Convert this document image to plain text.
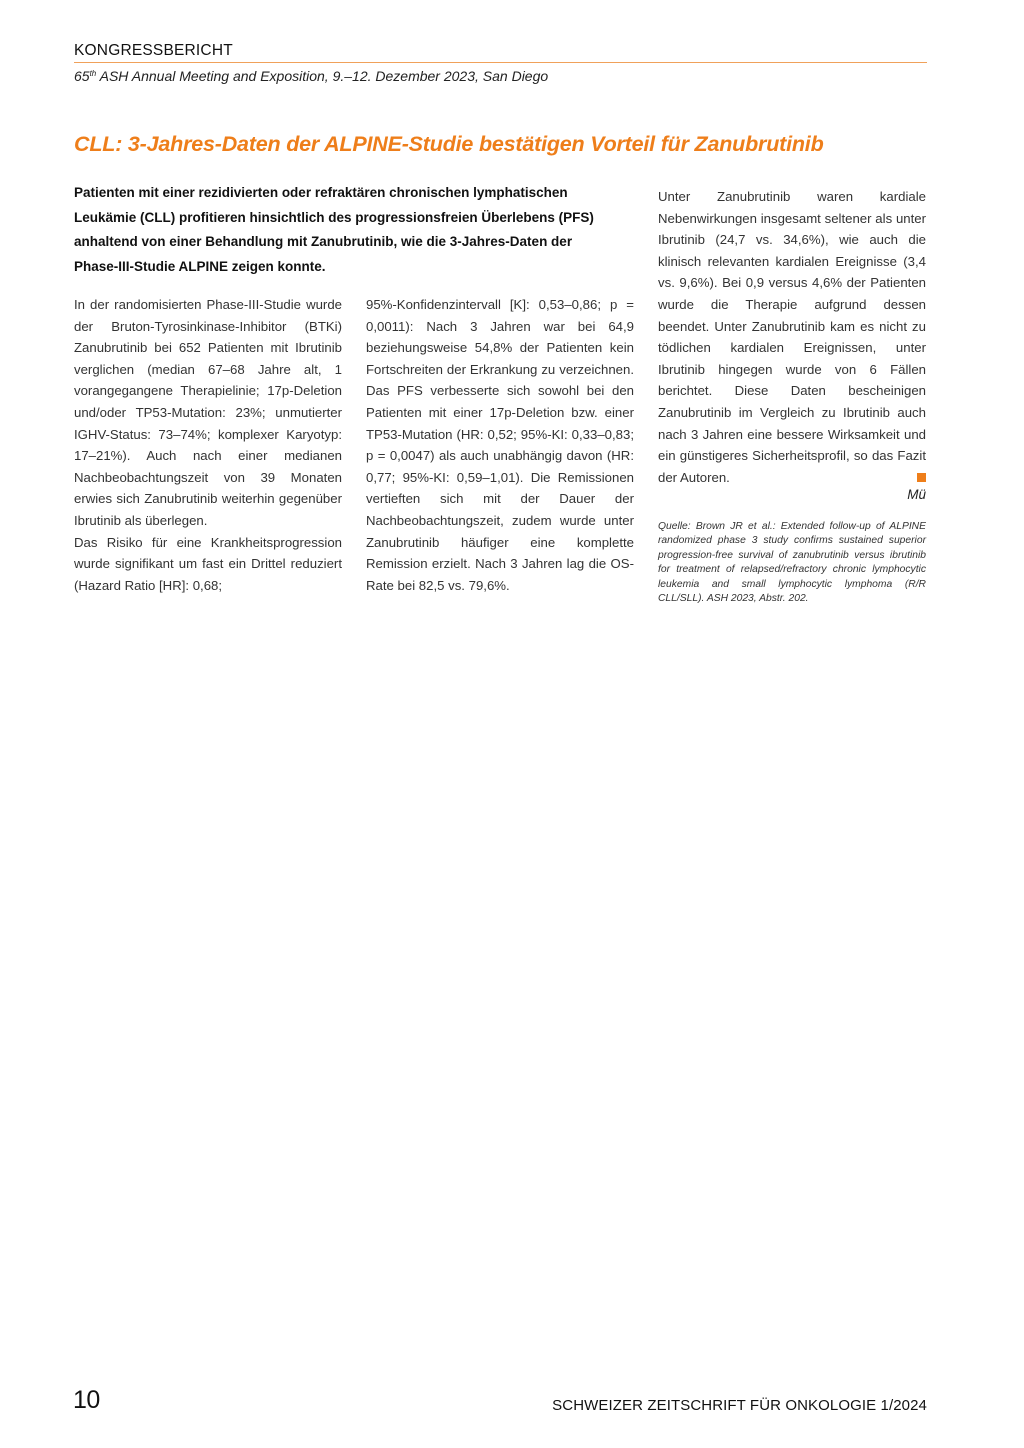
KONGRESSBERICHT
65th ASH Annual Meeting and Exposition, 9.–12. Dezember 2023, San Diego
CLL: 3-Jahres-Daten der ALPINE-Studie bestätigen Vorteil für Zanubrutinib
Patienten mit einer rezidivierten oder refraktären chronischen lymphatischen Leukämie (CLL) profitieren hinsichtlich des progressionsfreien Überlebens (PFS) anhaltend von einer Behandlung mit Zanubrutinib, wie die 3-Jahres-Daten der Phase-III-Studie ALPINE zeigen konnte.

In der randomisierten Phase-III-Studie wurde der Bruton-Tyrosinkinase-Inhibitor (BTKi) Zanubrutinib bei 652 Patienten mit Ibrutinib verglichen (median 67–68 Jahre alt, 1 vorangegangene Therapielinie; 17p-Deletion und/oder TP53-Mutation: 23%; unmutierter IGHV-Status: 73–74%; komplexer Karyotyp: 17–21%). Auch nach einer medianen Nachbeobachtungszeit von 39 Monaten erwies sich Zanubrutinib weiterhin gegenüber Ibrutinib als überlegen.

Das Risiko für eine Krankheitsprogression wurde signifikant um fast ein Drittel reduziert (Hazard Ratio [HR]: 0,68;

95%-Konfidenzintervall [K]: 0,53–0,86; p = 0,0011): Nach 3 Jahren war bei 64,9 beziehungsweise 54,8% der Patienten kein Fortschreiten der Erkrankung zu verzeichnen. Das PFS verbesserte sich sowohl bei den Patienten mit einer 17p-Deletion bzw. einer TP53-Mutation (HR: 0,52; 95%-KI: 0,33–0,83; p = 0,0047) als auch unabhängig davon (HR: 0,77; 95%-KI: 0,59–1,01). Die Remissionen vertieften sich mit der Dauer der Nachbeobachtungszeit, zudem wurde unter Zanubrutinib häufiger eine komplette Remission erzielt. Nach 3 Jahren lag die OS-Rate bei 82,5 vs. 79,6%.

Unter Zanubrutinib waren kardiale Nebenwirkungen insgesamt seltener als unter Ibrutinib (24,7 vs. 34,6%), wie auch die klinisch relevanten kardialen Ereignisse (3,4 vs. 9,6%). Bei 0,9 versus 4,6% der Patienten wurde die Therapie aufgrund dessen beendet. Unter Zanubrutinib kam es nicht zu tödlichen kardialen Ereignissen, unter Ibrutinib hingegen wurde von 6 Fällen berichtet. Diese Daten bescheinigen Zanubrutinib im Vergleich zu Ibrutinib auch nach 3 Jahren eine bessere Wirksamkeit und ein günstigeres Sicherheitsprofil, so das Fazit der Autoren.

Mü
Quelle: Brown JR et al.: Extended follow-up of ALPINE randomized phase 3 study confirms sustained superior progression-free survival of zanubrutinib versus ibrutinib for treatment of relapsed/refractory chronic lymphocytic leukemia and small lymphocytic lymphoma (R/R CLL/SLL). ASH 2023, Abstr. 202.
10	SCHWEIZER ZEITSCHRIFT FÜR ONKOLOGIE 1/2024
